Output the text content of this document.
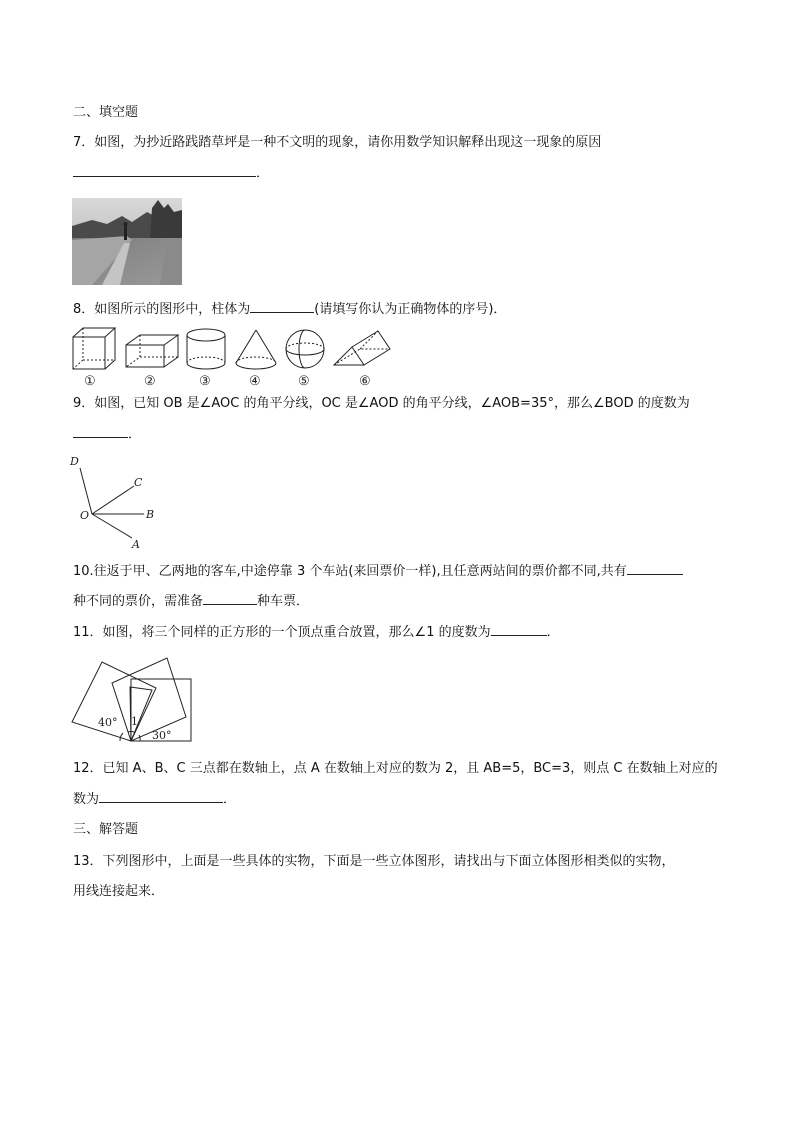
二、填空题
7．如图，为抄近路践踏草坪是一种不文明的现象，请你用数学知识解释出现这一现象的原因
．
8．如图所示的图形中，柱体为	(请填写你认为正确物体的序号)．
①	②	③	④	⑤	⑥
9．如图，已知 OB 是∠AOC 的角平分线，OC 是∠AOD 的角平分线，∠AOB=35°，那么∠BOD 的度数为
．
D
C
O	B
A
10.往返于甲、乙两地的客车,中途停靠 3 个车站(来回票价一样),且任意两站间的票价都不同,共有
种不同的票价，需准备	种车票．
11．如图，将三个同样的正方形的一个顶点重合放置，那么∠1 的度数为	．
40° 1
30°
12．已知 A、B、C 三点都在数轴上，点 A 在数轴上对应的数为 2，且 AB=5，BC=3，则点 C 在数轴上对应的
数为	．
三、解答题
13．下列图形中，上面是一些具体的实物，下面是一些立体图形，请找出与下面立体图形相类似的实物，
用线连接起来．
